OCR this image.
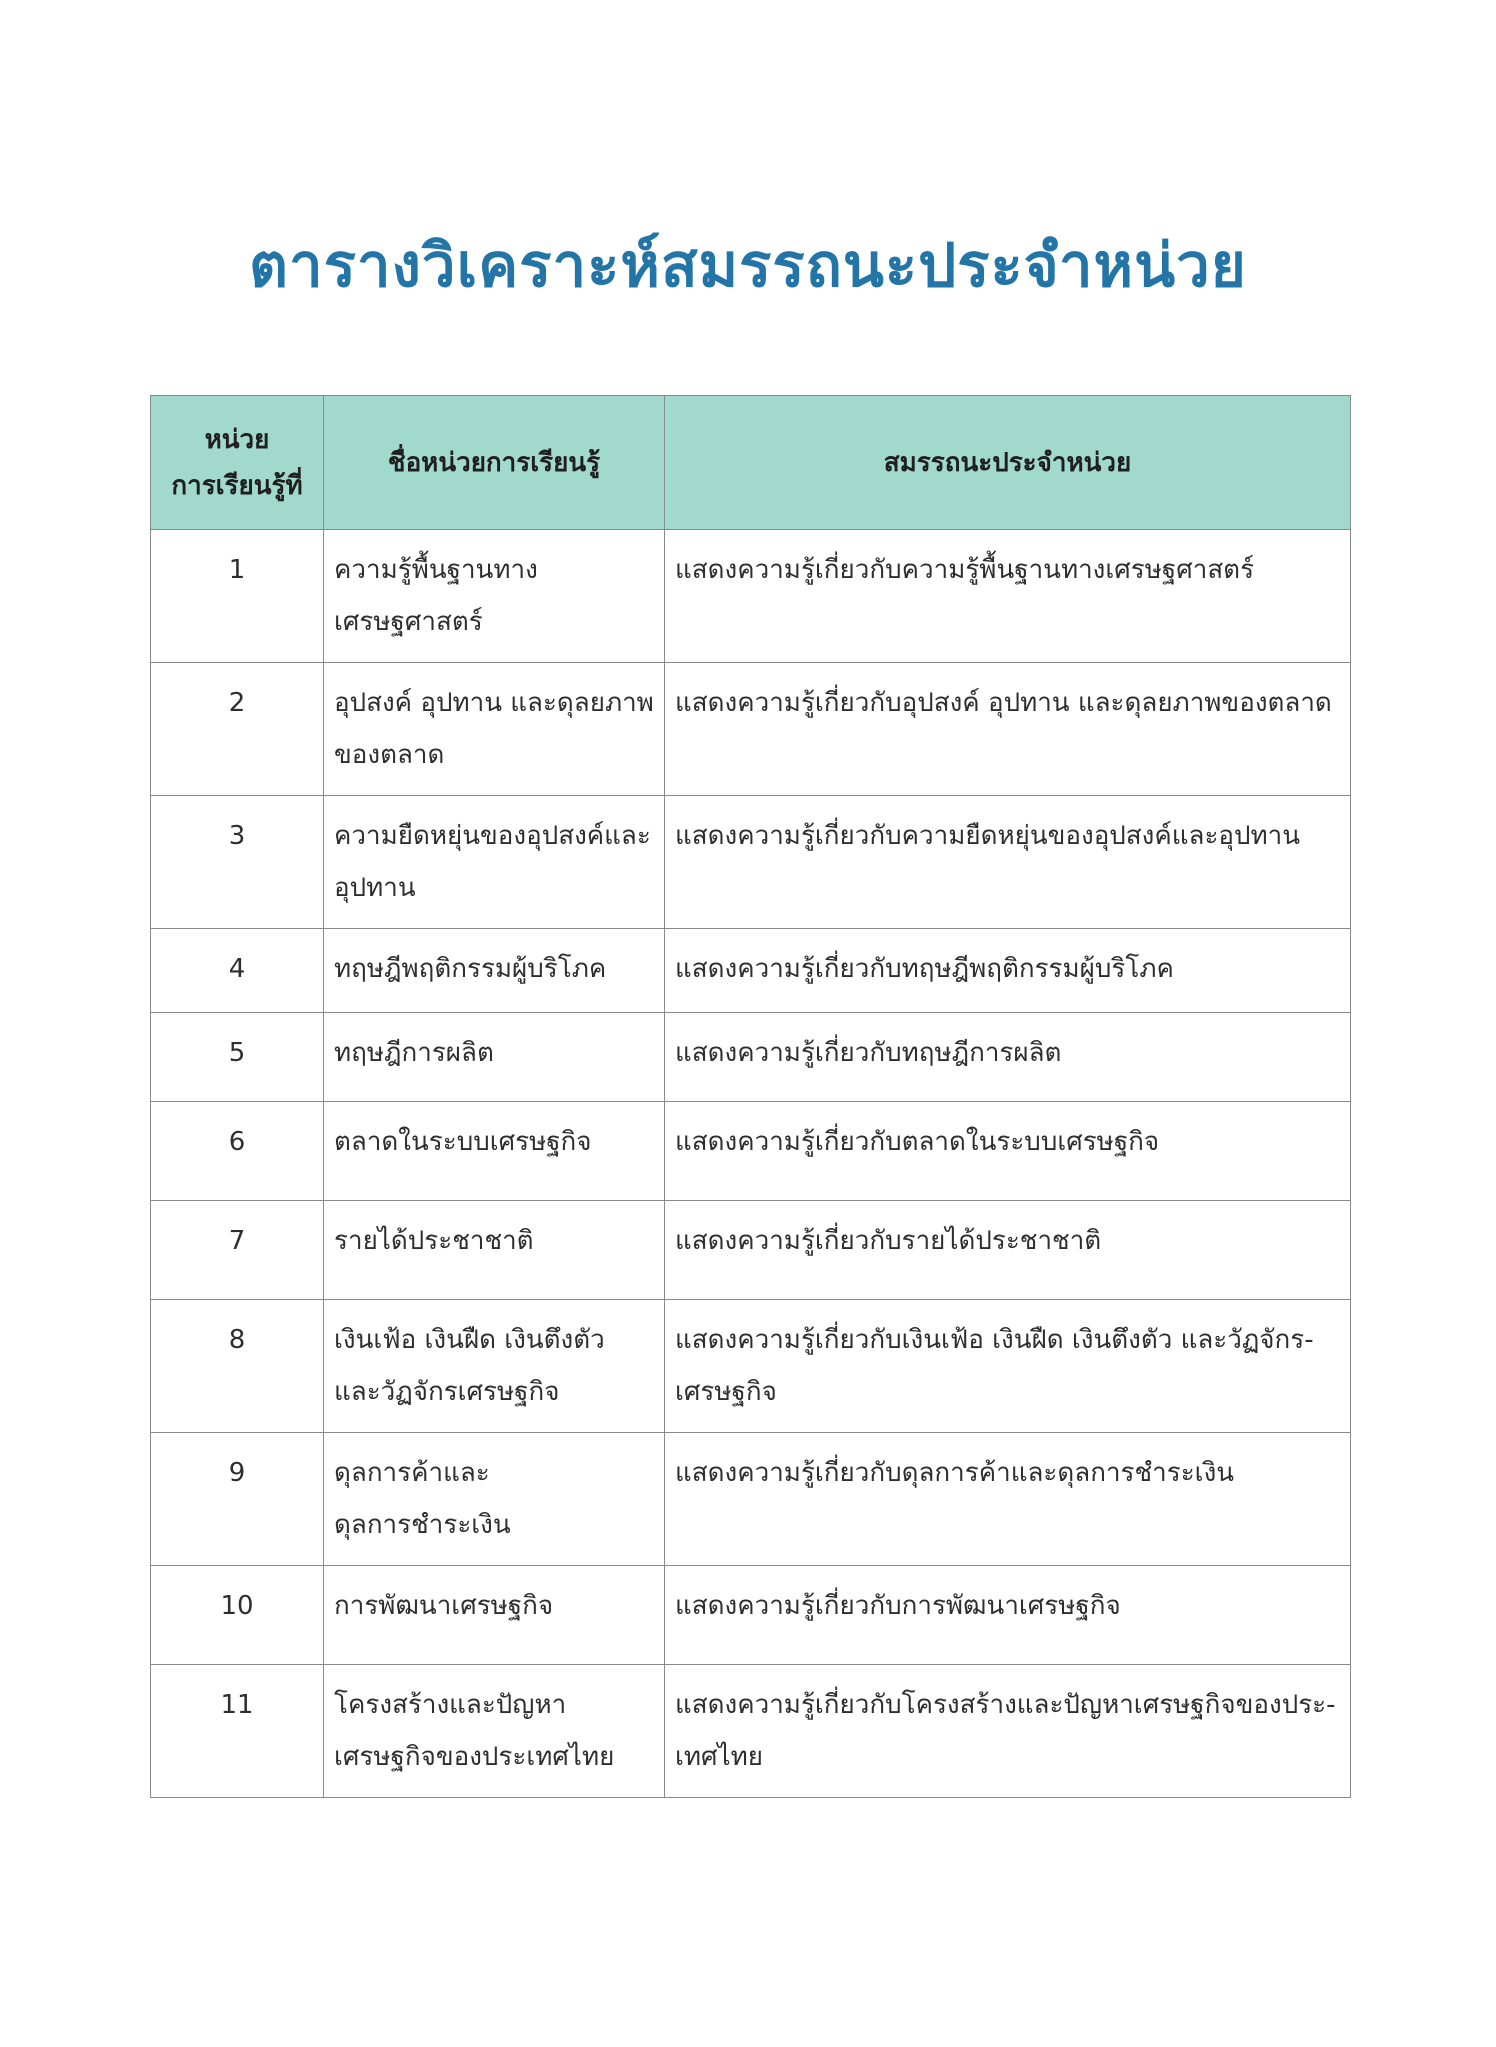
ตารางวิเคราะห์สมรรถนะประจำหน่วย
หน่วย
การเรียนรู้ที่	ชื่อหน่วยการเรียนรู้	สมรรถนะประจำหน่วย
1	ความรู้พื้นฐานทางเศรษฐศาสตร์	แสดงความรู้เกี่ยวกับความรู้พื้นฐานทางเศรษฐศาสตร์
2	อุปสงค์ อุปทาน และดุลยภาพของตลาด	แสดงความรู้เกี่ยวกับอุปสงค์ อุปทาน และดุลยภาพของตลาด
3	ความยืดหยุ่นของอุปสงค์และอุปทาน	แสดงความรู้เกี่ยวกับความยืดหยุ่นของอุปสงค์และอุปทาน
4	ทฤษฎีพฤติกรรมผู้บริโภค	แสดงความรู้เกี่ยวกับทฤษฎีพฤติกรรมผู้บริโภค
5	ทฤษฎีการผลิต	แสดงความรู้เกี่ยวกับทฤษฎีการผลิต
6	ตลาดในระบบเศรษฐกิจ	แสดงความรู้เกี่ยวกับตลาดในระบบเศรษฐกิจ
7	รายได้ประชาชาติ	แสดงความรู้เกี่ยวกับรายได้ประชาชาติ
8	เงินเฟ้อ เงินฝืด เงินตึงตัว และวัฏจักรเศรษฐกิจ	แสดงความรู้เกี่ยวกับเงินเฟ้อ เงินฝืด เงินตึงตัว และวัฏจักร-เศรษฐกิจ
9	ดุลการค้าและดุลการชำระเงิน	แสดงความรู้เกี่ยวกับดุลการค้าและดุลการชำระเงิน
10	การพัฒนาเศรษฐกิจ	แสดงความรู้เกี่ยวกับการพัฒนาเศรษฐกิจ
11	โครงสร้างและปัญหาเศรษฐกิจของประเทศไทย	แสดงความรู้เกี่ยวกับโครงสร้างและปัญหาเศรษฐกิจของประ-เทศไทย
